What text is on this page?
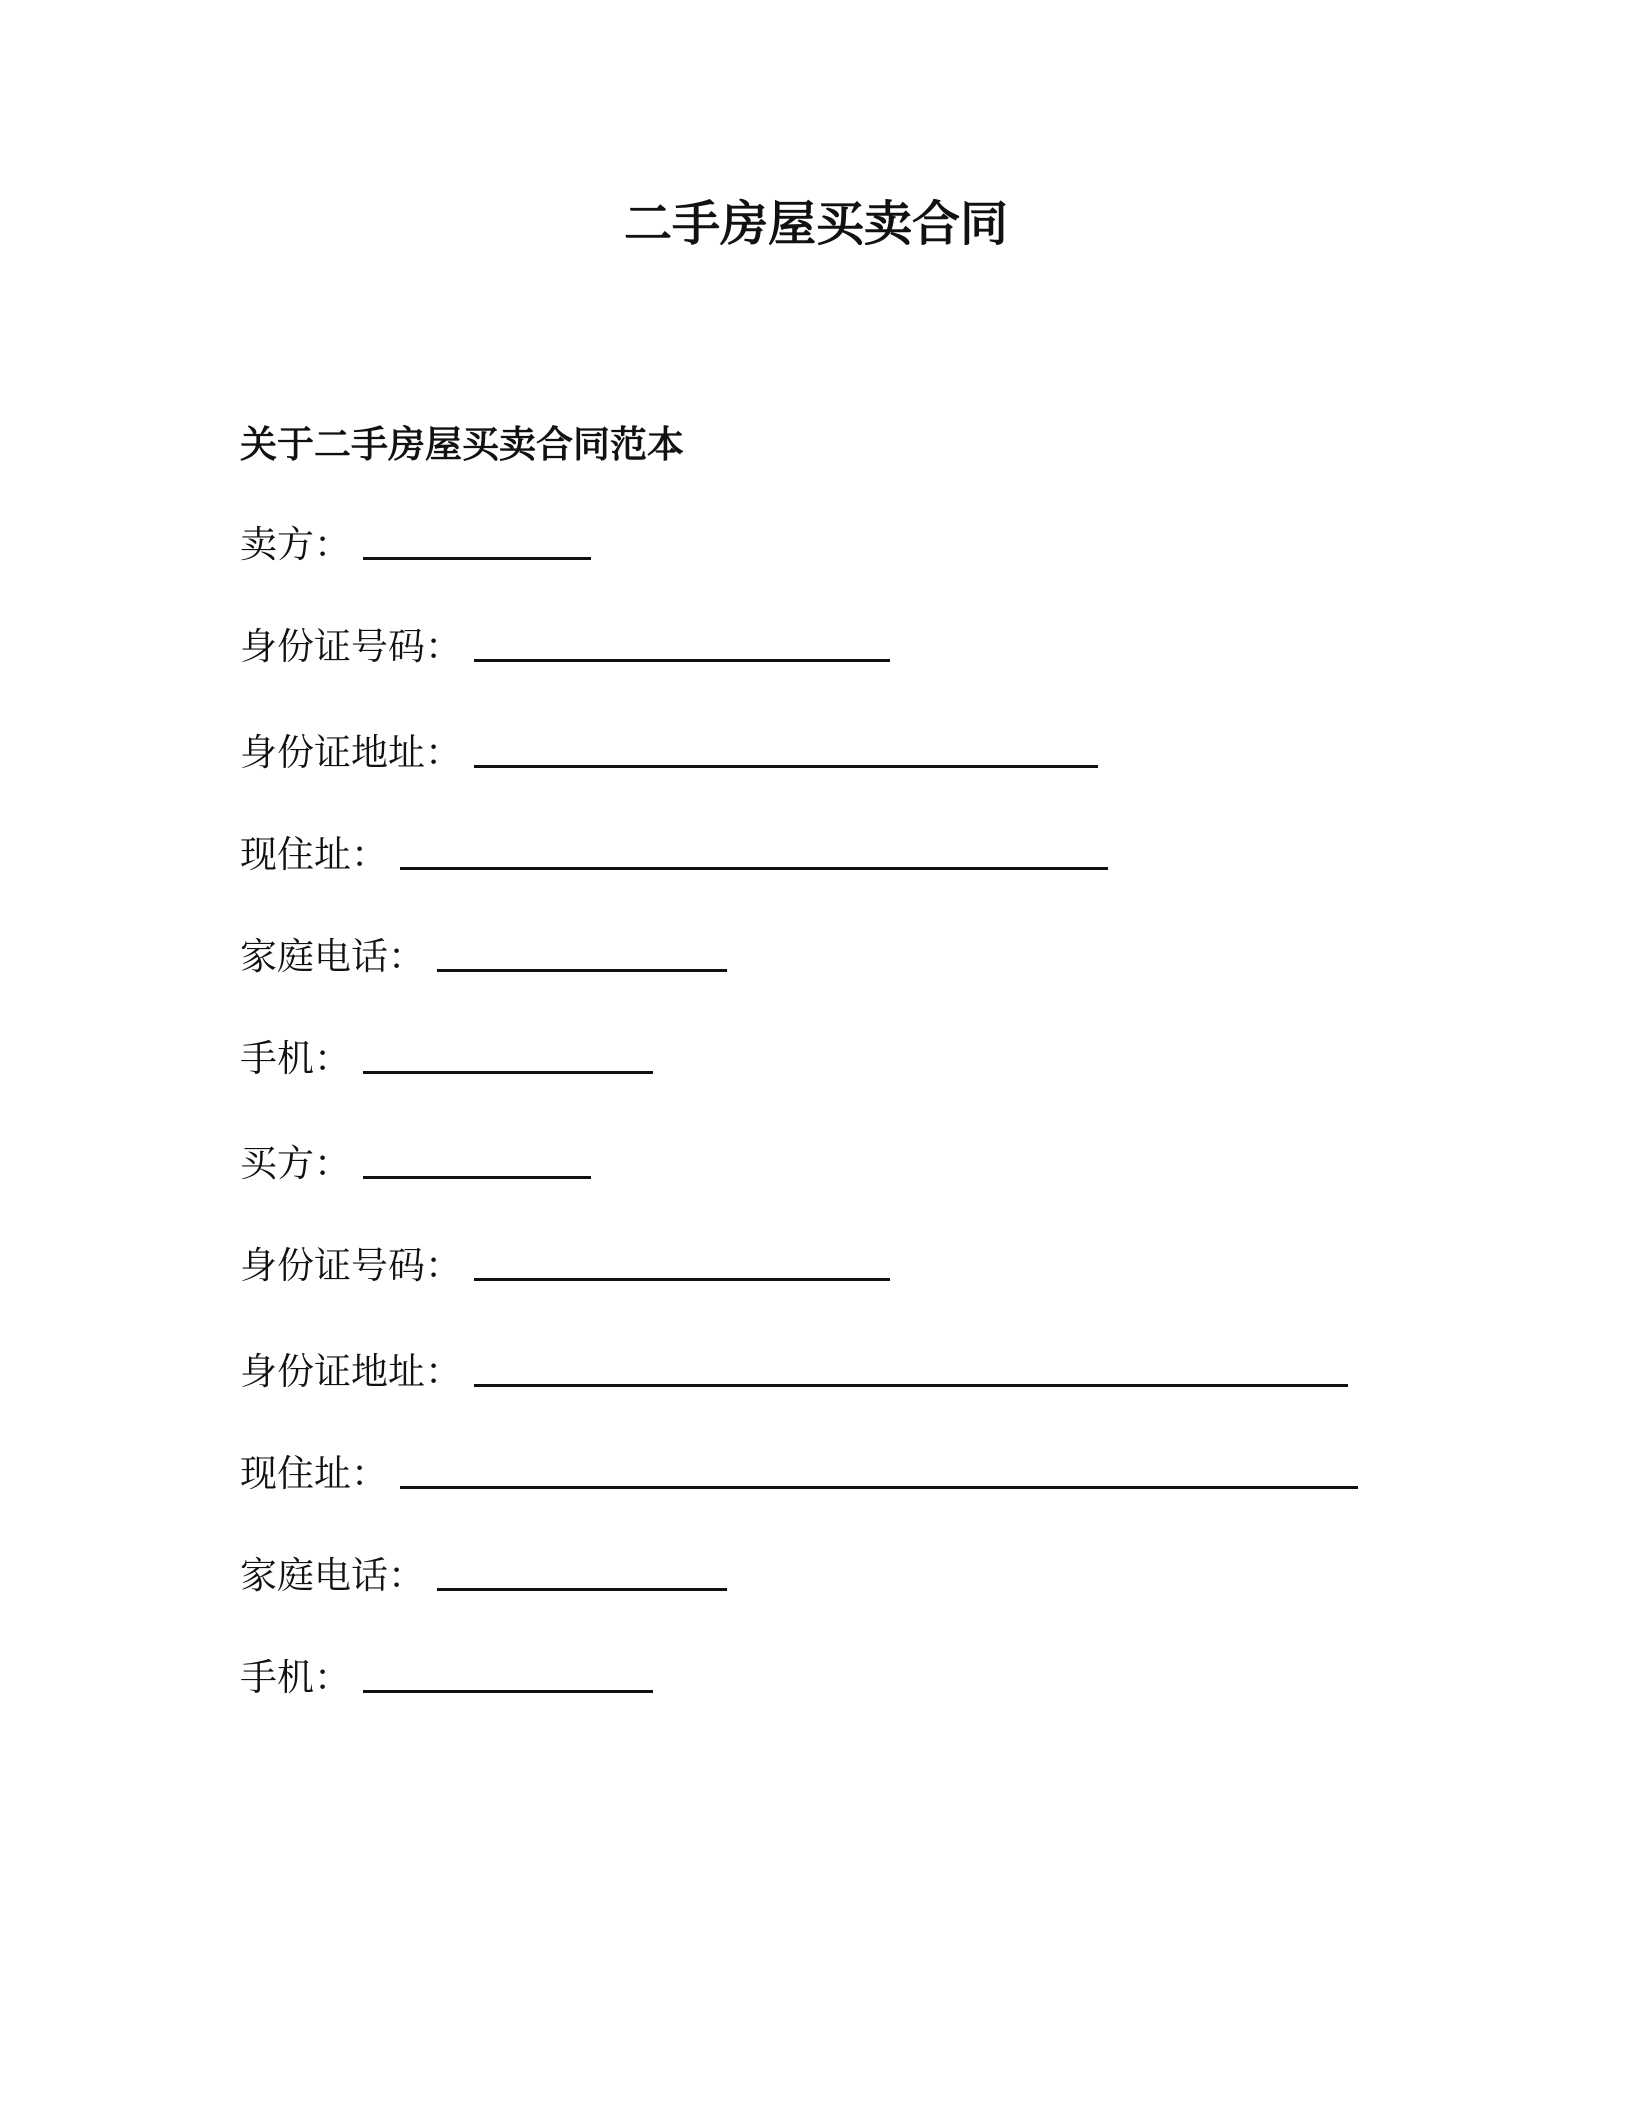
二手房屋买卖合同
关于二手房屋买卖合同范本
卖方：
身份证号码：
身份证地址：
现住址：
家庭电话：
手机：
买方：
身份证号码：
身份证地址：
现住址：
家庭电话：
手机：
